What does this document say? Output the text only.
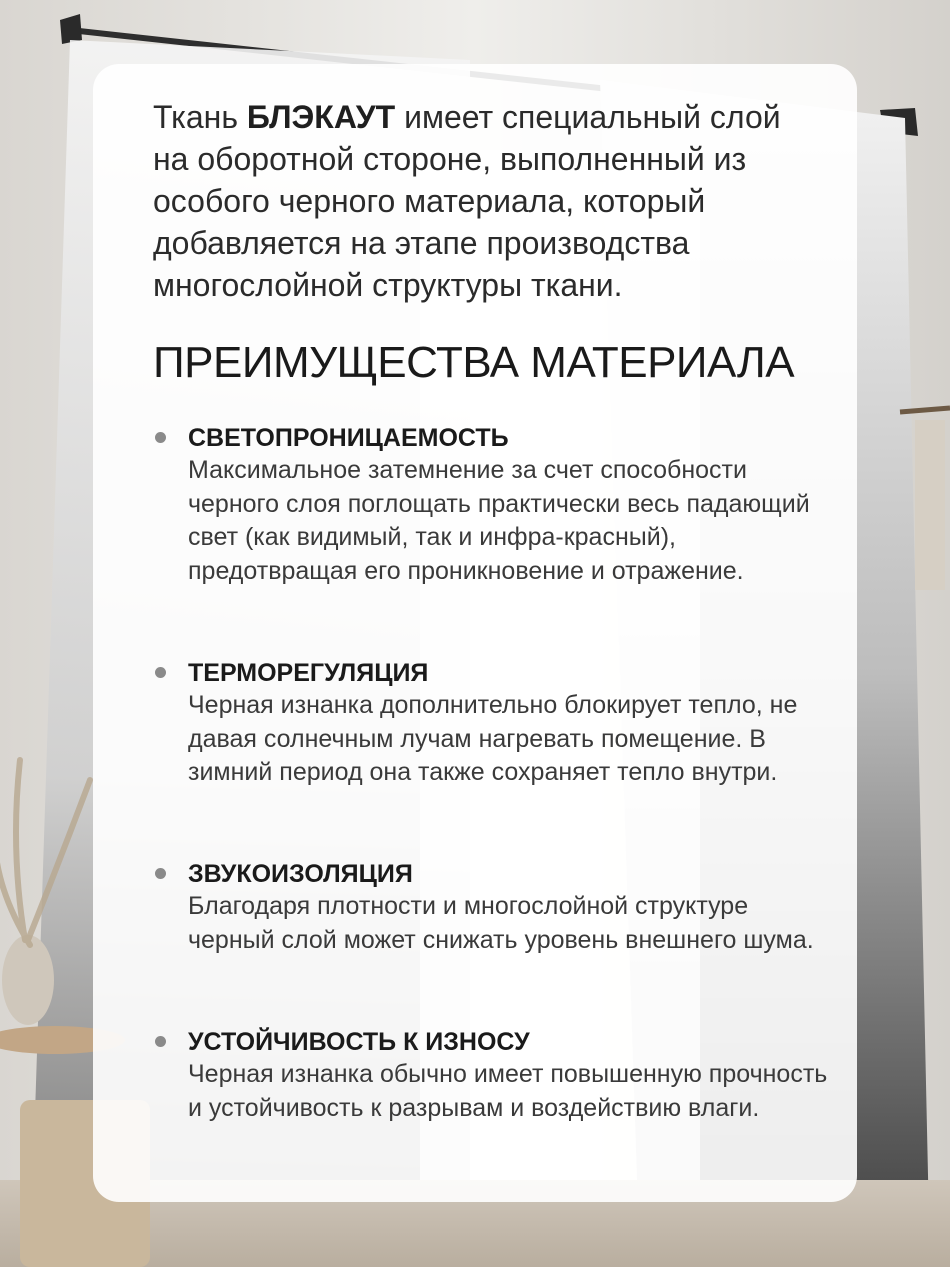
Ткань БЛЭКАУТ имеет специальный слой на оборотной стороне, выполненный из особого черного материала, который добавляется на этапе производства многослойной структуры ткани.
ПРЕИМУЩЕСТВА МАТЕРИАЛА
СВЕТОПРОНИЦАЕМОСТЬ
Максимальное затемнение за счет способности черного слоя поглощать практически весь падающий свет (как видимый, так и инфра-красный), предотвращая его проникновение и отражение.
ТЕРМОРЕГУЛЯЦИЯ
Черная изнанка дополнительно блокирует тепло, не давая солнечным лучам нагревать помещение. В зимний период она также сохраняет тепло внутри.
ЗВУКОИЗОЛЯЦИЯ
Благодаря плотности и многослойной структуре черный слой может снижать уровень внешнего шума.
УСТОЙЧИВОСТЬ К ИЗНОСУ
Черная изнанка обычно имеет повышенную прочность и устойчивость к разрывам и воздействию влаги.
